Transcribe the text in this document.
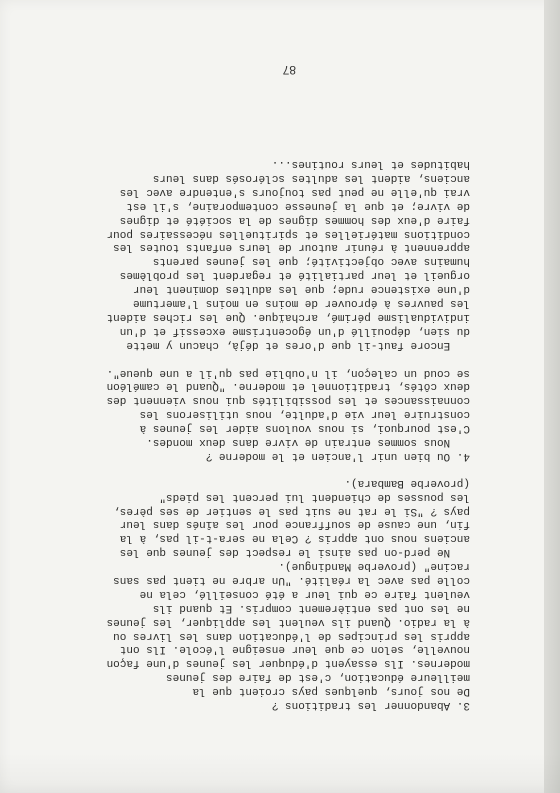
3. Abandonner les traditions ?
De nos jours, quelques pays croient que la
meilleure éducation, c'est de faire des jeunes
modernes. Ils essayent d'éduquer les jeunes d'une façon
nouvelle, selon ce que leur enseigne l'école. Ils ont
appris les principes de l'éducation dans les livres ou
à la radio. Quand ils veulent les appliquer, les jeunes
ne les ont pas entièrement compris. Et quand ils
veulent faire ce qui leur a été conseillé, cela ne
colle pas avec la réalité. "Un arbre ne tient pas sans
racine" (proverbe Mandingue).
Ne perd-on pas ainsi le respect des jeunes que les
anciens nous ont appris ? Cela ne sera-t-il pas, à la
fin, une cause de souffrance pour les aînés dans leur
pays ? "Si le rat ne suit pas le sentier de ses pères,
les pousses de chiendent lui percent les pieds"
(proverbe Bambara).
4. Ou bien unir l'ancien et le moderne ?
Nous sommes entrain de vivre dans deux mondes.
C'est pourquoi, si nous voulons aider les jeunes à
construire leur vie d'adulte, nous utiliserons les
connaissances et les possibilités qui nous viennent des
deux côtés, traditionnel et moderne. "Quand le caméléon
se coud un caleçon, il n'oublie pas qu'il a une queue".
Encore faut-il que d'ores et déjà, chacun y mette
du sien, dépouillé d'un égocentrisme excessif et d'un
individualisme périmé, archaïque. Que les riches aident
les pauvres à éprouver de moins en moins l'amertume
d'une existence rude; que les adultes dominent leur
orgueil et leur partialité et regardent les problèmes
humains avec objectivité; que les jeunes parents
apprennent à réunir autour de leurs enfants toutes les
conditions matérielles et spirituelles nécessaires pour
faire d'eux des hommes dignes de la société et dignes
de vivre; et que la jeunesse contemporaine, s'il est
vrai qu'elle ne peut pas toujours s'entendre avec les
anciens, aident les adultes sclérosés dans leurs
habitudes et leurs routines...
87
